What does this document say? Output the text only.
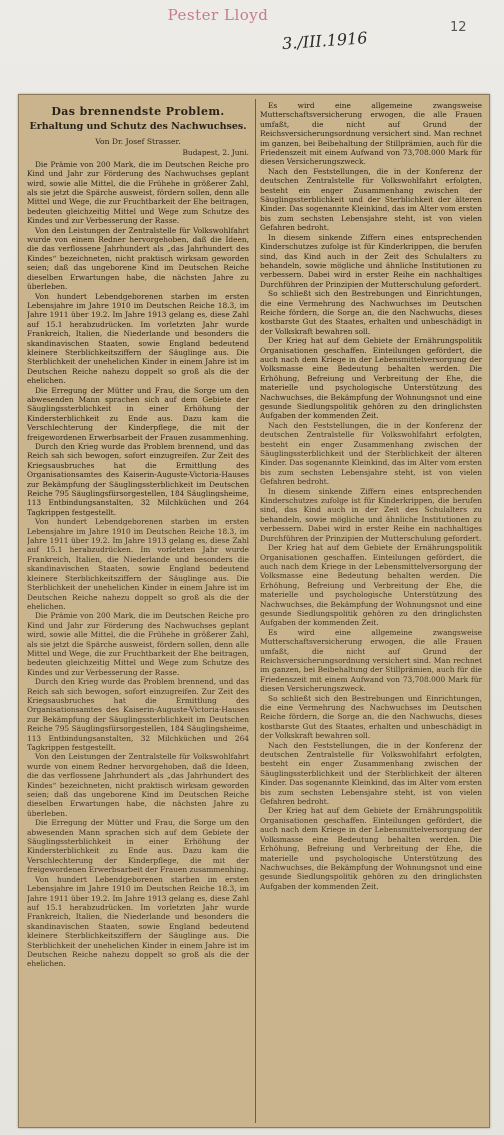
Pester Lloyd
3./III.1916
12
Das brennendste Problem.
Erhaltung und Schutz des Nachwuchses.
Von Dr. Josef Strasser.
Budapest, 2. Juni.

Die Prämie von 200 Mark, die im Deutschen Reiche pro Kind und Jahr zur Förderung des Nachwuchses geplant wird, sowie alle Mittel, die die Frühehe in größerer Zahl, als sie jetzt die Spärche ausweist, fördern sollen, denn alle Mittel und Wege, die zur Fruchtbarkeit der Ehe beitragen, bedeuten gleichzeitig Mittel und Wege zum Schutze des Kindes und zur Verbesserung der Rasse.

Von den Leistungen der Zentralstelle für Volkswohlfahrt wurde von einem Redner hervorgehoben, daß die Ideen, die das verflossene Jahrhundert als „das Jahrhundert des Kindes“ bezeichneten, nicht praktisch wirksam geworden seien; daß das ungeborene Kind im Deutschen Reiche dieselben Erwartungen habe, die nächsten Jahre zu überleben.

Von hundert Lebendgeborenen starben im ersten Lebensjahre im Jahre 1910 im Deutschen Reiche 18.3, im Jahre 1911 über 19.2. Im Jahre 1913 gelang es, diese Zahl auf 15.1 herabzudrücken. Im vorletzten Jahr wurde Frankreich, Italien, die Niederlande und besonders die skandinavischen Staaten, sowie England bedeutend kleinere Sterblichkeitsziffern der Säuglinge aus. Die Sterblichkeit der unehelichen Kinder in einem Jahre ist im Deutschen Reiche nahezu doppelt so groß als die der ehelichen.

Die Erregung der Mütter und Frau, die Sorge um den abwesenden Mann sprachen sich auf dem Gebiete der Säuglingssterblichkeit in einer Erhöhung der Kindersterblichkeit zu Ende aus. Dazu kam die Verschlechterung der Kinderpflege, die mit der freigewordenen Erwerbsarbeit der Frauen zusammenhing.

Durch den Krieg wurde das Problem brennend, und das Reich sah sich bewogen, sofort einzugreifen. Zur Zeit des Kriegsausbruches hat die Ermittlung des Organisationsamtes des Kaiserin-Auguste-Victoria-Hauses zur Bekämpfung der Säuglingssterblichkeit im Deutschen Reiche 795 Säuglingsfürsorgestellen, 184 Säuglingsheime, 113 Entbindungsanstalten, 32 Milchküchen und 264 Tagkrippen festgestellt.

Von hundert Lebendgeborenen starben im ersten Lebensjahre im Jahre 1910 im Deutschen Reiche 18.3, im Jahre 1911 über 19.2. Im Jahre 1913 gelang es, diese Zahl auf 15.1 herabzudrücken. Im vorletzten Jahr wurde Frankreich, Italien, die Niederlande und besonders die skandinavischen Staaten, sowie England bedeutend kleinere Sterblichkeitsziffern der Säuglinge aus. Die Sterblichkeit der unehelichen Kinder in einem Jahre ist im Deutschen Reiche nahezu doppelt so groß als die der ehelichen.

Die Prämie von 200 Mark, die im Deutschen Reiche pro Kind und Jahr zur Förderung des Nachwuchses geplant wird, sowie alle Mittel, die die Frühehe in größerer Zahl, als sie jetzt die Spärche ausweist, fördern sollen, denn alle Mittel und Wege, die zur Fruchtbarkeit der Ehe beitragen, bedeuten gleichzeitig Mittel und Wege zum Schutze des Kindes und zur Verbesserung der Rasse.

Durch den Krieg wurde das Problem brennend, und das Reich sah sich bewogen, sofort einzugreifen. Zur Zeit des Kriegsausbruches hat die Ermittlung des Organisationsamtes des Kaiserin-Auguste-Victoria-Hauses zur Bekämpfung der Säuglingssterblichkeit im Deutschen Reiche 795 Säuglingsfürsorgestellen, 184 Säuglingsheime, 113 Entbindungsanstalten, 32 Milchküchen und 264 Tagkrippen festgestellt.

Von den Leistungen der Zentralstelle für Volkswohlfahrt wurde von einem Redner hervorgehoben, daß die Ideen, die das verflossene Jahrhundert als „das Jahrhundert des Kindes“ bezeichneten, nicht praktisch wirksam geworden seien; daß das ungeborene Kind im Deutschen Reiche dieselben Erwartungen habe, die nächsten Jahre zu überleben.

Die Erregung der Mütter und Frau, die Sorge um den abwesenden Mann sprachen sich auf dem Gebiete der Säuglingssterblichkeit in einer Erhöhung der Kindersterblichkeit zu Ende aus. Dazu kam die Verschlechterung der Kinderpflege, die mit der freigewordenen Erwerbsarbeit der Frauen zusammenhing.

Von hundert Lebendgeborenen starben im ersten Lebensjahre im Jahre 1910 im Deutschen Reiche 18.3, im Jahre 1911 über 19.2. Im Jahre 1913 gelang es, diese Zahl auf 15.1 herabzudrücken. Im vorletzten Jahr wurde Frankreich, Italien, die Niederlande und besonders die skandinavischen Staaten, sowie England bedeutend kleinere Sterblichkeitsziffern der Säuglinge aus. Die Sterblichkeit der unehelichen Kinder in einem Jahre ist im Deutschen Reiche nahezu doppelt so groß als die der ehelichen.

Es wird eine allgemeine zwangsweise Mutterschaftsversicherung erwogen, die alle Frauen umfaßt, die nicht auf Grund der Reichsversicherungsordnung versichert sind. Man rechnet im ganzen, bei Beibehaltung der Stillprämien, auch für die Friedenszeit mit einem Aufwand von 73,708.000 Mark für diesen Versicherungszweck.

Nach den Feststellungen, die in der Konferenz der deutschen Zentralstelle für Volkswohlfahrt erfolgten, besteht ein enger Zusammenhang zwischen der Säuglingssterblichkeit und der Sterblichkeit der älteren Kinder. Das sogenannte Kleinkind, das im Alter vom ersten bis zum sechsten Lebensjahre steht, ist von vielen Gefahren bedroht.

In diesem sinkende Ziffern eines entsprechenden Kinderschutzes zufolge ist für Kinderkrippen, die berufen sind, das Kind auch in der Zeit des Schulalters zu behandeln, sowie mögliche und ähnliche Institutionen zu verbessern. Dabei wird in erster Reihe ein nachhaltiges Durchführen der Prinzipien der Mutterschulung gefordert.

So schließt sich den Bestrebungen und Einrichtungen, die eine Vermehrung des Nachwuchses im Deutschen Reiche fördern, die Sorge an, die den Nachwuchs, dieses kostbarste Gut des Staates, erhalten und unbeschädigt in der Volkskraft bewahren soll.

Der Krieg hat auf dem Gebiete der Ernährungspolitik Organisationen geschaffen. Einteilungen gefördert, die auch nach dem Kriege in der Lebensmittelversorgung der Volksmasse eine Bedeutung behalten werden. Die Erhöhung, Befreiung und Verbreitung der Ehe, die materielle und psychologische Unterstützung des Nachwuchses, die Bekämpfung der Wohnungsnot und eine gesunde Siedlungspolitik gehören zu den dringlichsten Aufgaben der kommenden Zeit.

Nach den Feststellungen, die in der Konferenz der deutschen Zentralstelle für Volkswohlfahrt erfolgten, besteht ein enger Zusammenhang zwischen der Säuglingssterblichkeit und der Sterblichkeit der älteren Kinder. Das sogenannte Kleinkind, das im Alter vom ersten bis zum sechsten Lebensjahre steht, ist von vielen Gefahren bedroht.

In diesem sinkende Ziffern eines entsprechenden Kinderschutzes zufolge ist für Kinderkrippen, die berufen sind, das Kind auch in der Zeit des Schulalters zu behandeln, sowie mögliche und ähnliche Institutionen zu verbessern. Dabei wird in erster Reihe ein nachhaltiges Durchführen der Prinzipien der Mutterschulung gefordert.

Der Krieg hat auf dem Gebiete der Ernährungspolitik Organisationen geschaffen. Einteilungen gefördert, die auch nach dem Kriege in der Lebensmittelversorgung der Volksmasse eine Bedeutung behalten werden. Die Erhöhung, Befreiung und Verbreitung der Ehe, die materielle und psychologische Unterstützung des Nachwuchses, die Bekämpfung der Wohnungsnot und eine gesunde Siedlungspolitik gehören zu den dringlichsten Aufgaben der kommenden Zeit.

Es wird eine allgemeine zwangsweise Mutterschaftsversicherung erwogen, die alle Frauen umfaßt, die nicht auf Grund der Reichsversicherungsordnung versichert sind. Man rechnet im ganzen, bei Beibehaltung der Stillprämien, auch für die Friedenszeit mit einem Aufwand von 73,708.000 Mark für diesen Versicherungszweck.

So schließt sich den Bestrebungen und Einrichtungen, die eine Vermehrung des Nachwuchses im Deutschen Reiche fördern, die Sorge an, die den Nachwuchs, dieses kostbarste Gut des Staates, erhalten und unbeschädigt in der Volkskraft bewahren soll.

Nach den Feststellungen, die in der Konferenz der deutschen Zentralstelle für Volkswohlfahrt erfolgten, besteht ein enger Zusammenhang zwischen der Säuglingssterblichkeit und der Sterblichkeit der älteren Kinder. Das sogenannte Kleinkind, das im Alter vom ersten bis zum sechsten Lebensjahre steht, ist von vielen Gefahren bedroht.

Der Krieg hat auf dem Gebiete der Ernährungspolitik Organisationen geschaffen. Einteilungen gefördert, die auch nach dem Kriege in der Lebensmittelversorgung der Volksmasse eine Bedeutung behalten werden. Die Erhöhung, Befreiung und Verbreitung der Ehe, die materielle und psychologische Unterstützung des Nachwuchses, die Bekämpfung der Wohnungsnot und eine gesunde Siedlungspolitik gehören zu den dringlichsten Aufgaben der kommenden Zeit.
